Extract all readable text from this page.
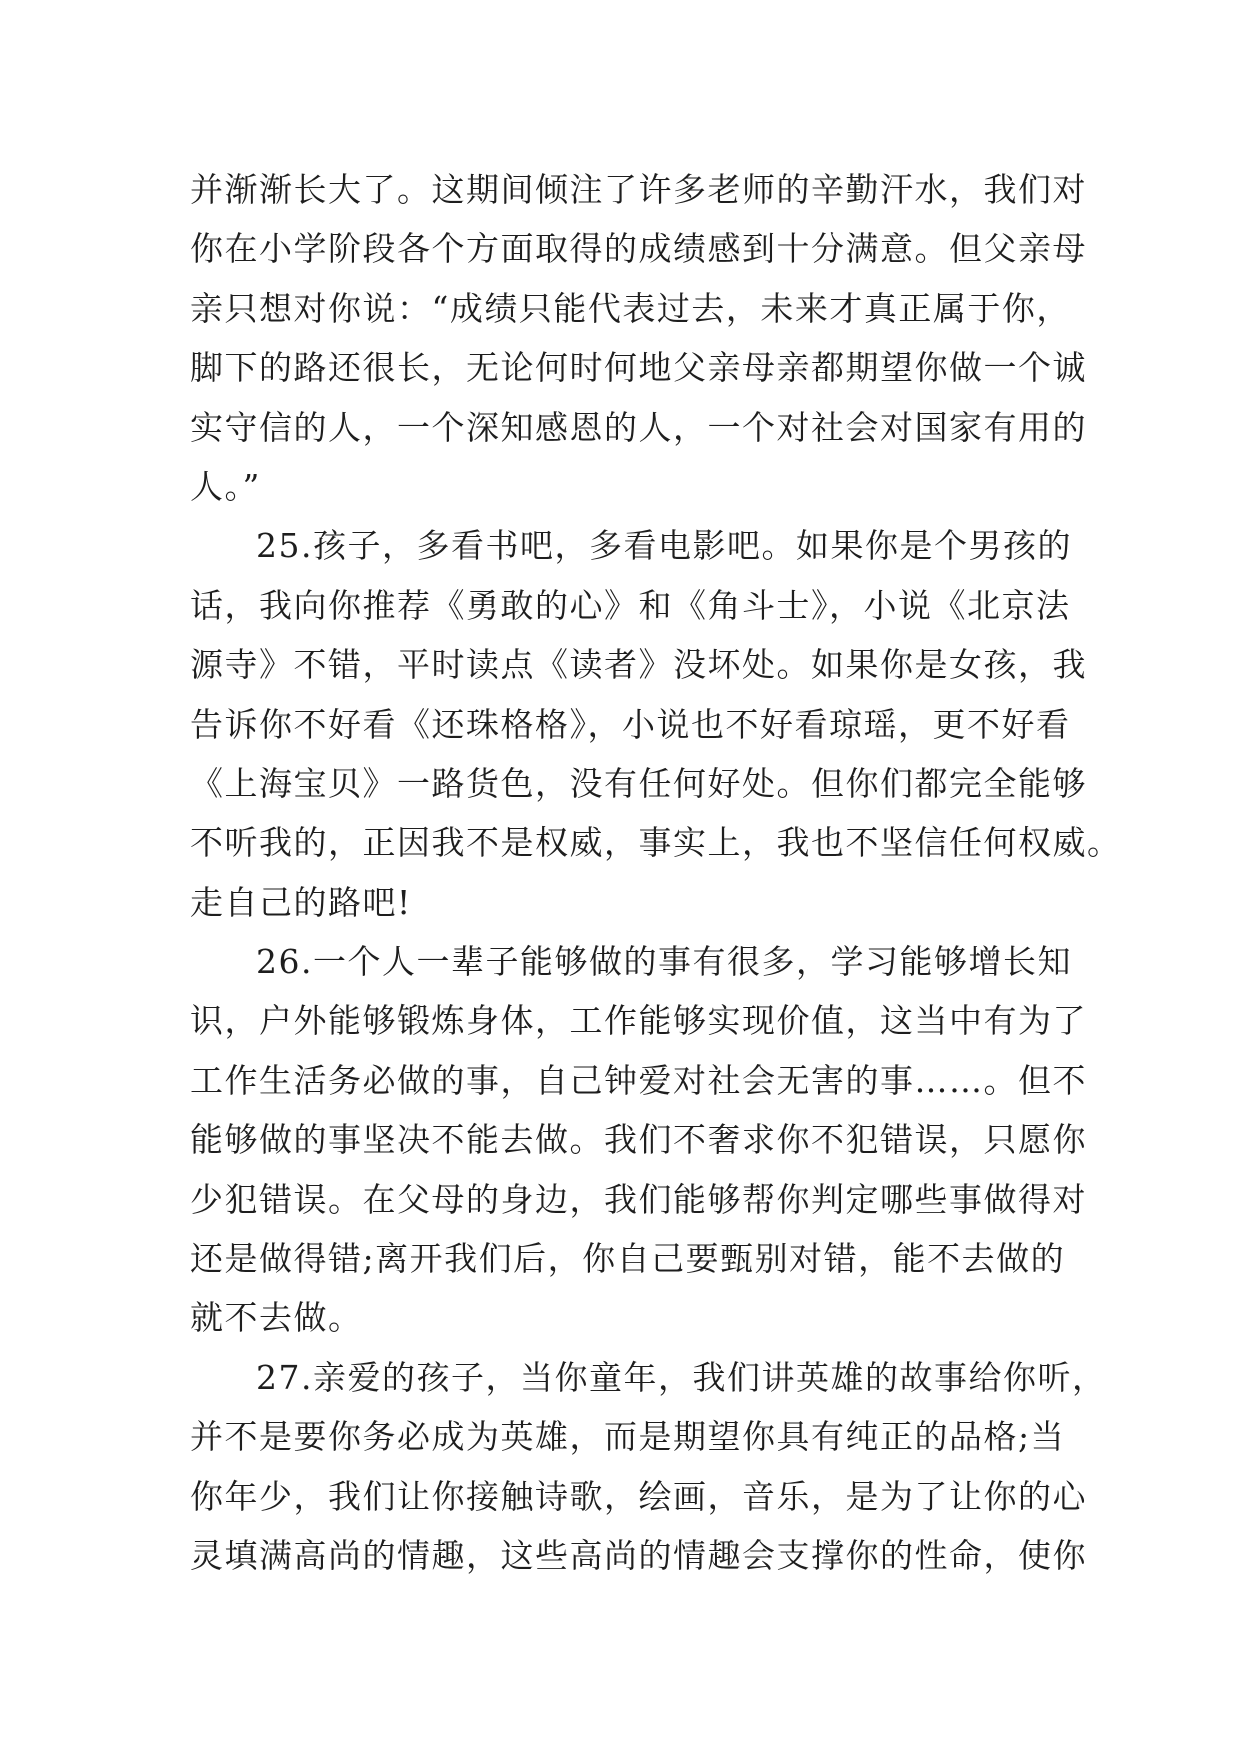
并渐渐长大了。这期间倾注了许多老师的辛勤汗水，我们对
你在小学阶段各个方面取得的成绩感到十分满意。但父亲母
亲只想对你说：“成绩只能代表过去，未来才真正属于你，
脚下的路还很长，无论何时何地父亲母亲都期望你做一个诚
实守信的人，一个深知感恩的人，一个对社会对国家有用的
人。”
25.孩子，多看书吧，多看电影吧。如果你是个男孩的
话，我向你推荐《勇敢的心》和《角斗士》，小说《北京法
源寺》不错，平时读点《读者》没坏处。如果你是女孩，我
告诉你不好看《还珠格格》，小说也不好看琼瑶，更不好看
《上海宝贝》一路货色，没有任何好处。但你们都完全能够
不听我的，正因我不是权威，事实上，我也不坚信任何权威。
走自己的路吧!
26.一个人一辈子能够做的事有很多，学习能够增长知
识，户外能够锻炼身体，工作能够实现价值，这当中有为了
工作生活务必做的事，自己钟爱对社会无害的事……。但不
能够做的事坚决不能去做。我们不奢求你不犯错误，只愿你
少犯错误。在父母的身边，我们能够帮你判定哪些事做得对
还是做得错;离开我们后，你自己要甄别对错，能不去做的
就不去做。
27.亲爱的孩子，当你童年，我们讲英雄的故事给你听，
并不是要你务必成为英雄，而是期望你具有纯正的品格;当
你年少，我们让你接触诗歌，绘画，音乐，是为了让你的心
灵填满高尚的情趣，这些高尚的情趣会支撑你的性命，使你
